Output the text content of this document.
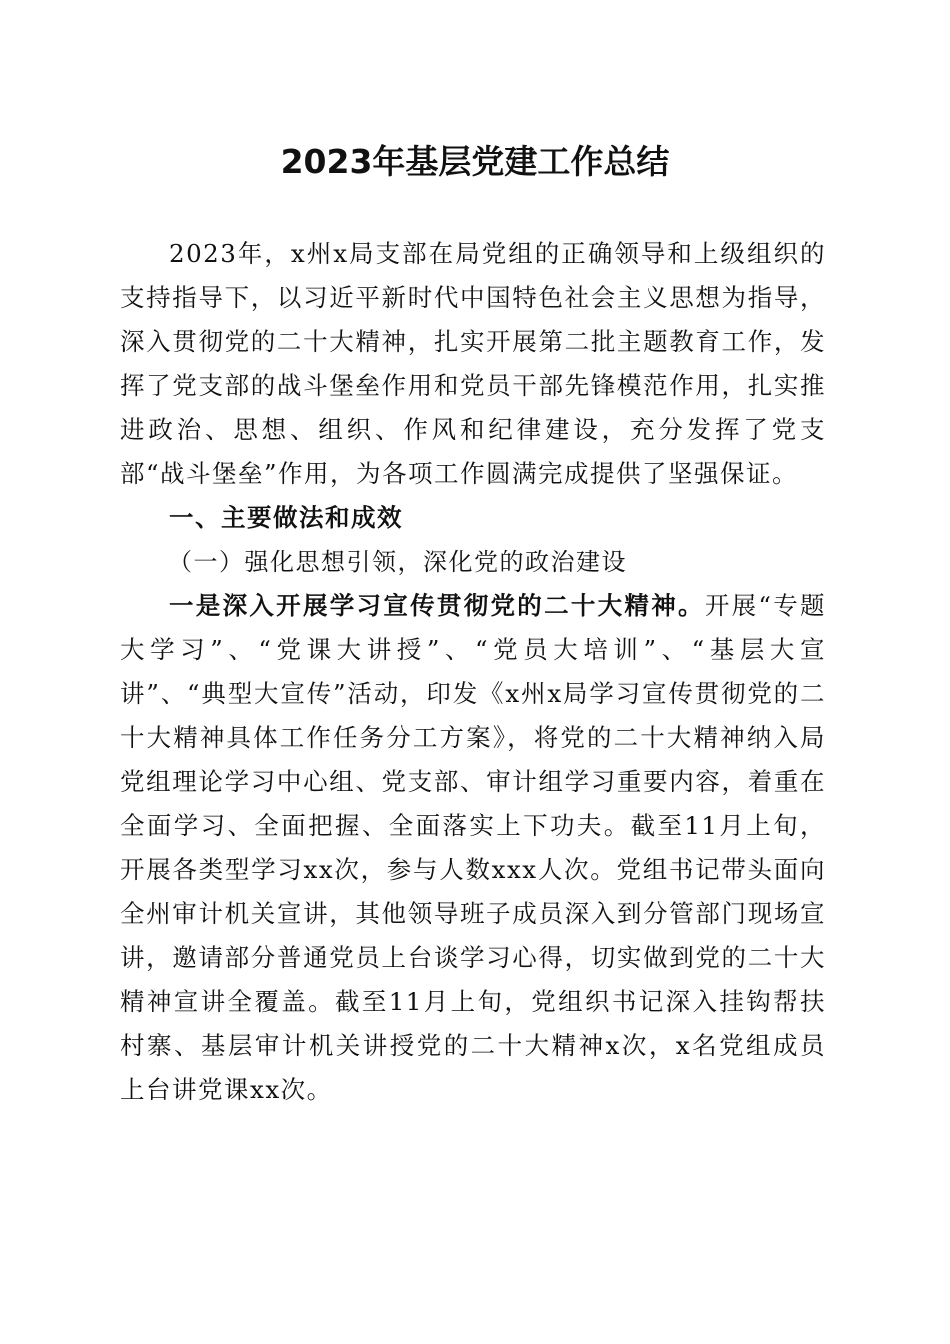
2023年基层党建工作总结

2023年，x州x局支部在局党组的正确领导和上级组织的支持指导下，以习近平新时代中国特色社会主义思想为指导，深入贯彻党的二十大精神，扎实开展第二批主题教育工作，发挥了党支部的战斗堡垒作用和党员干部先锋模范作用，扎实推进政治、思想、组织、作风和纪律建设，充分发挥了党支部“战斗堡垒”作用，为各项工作圆满完成提供了坚强保证。

一、主要做法和成效

（一）强化思想引领，深化党的政治建设

一是深入开展学习宣传贯彻党的二十大精神。开展“专题大学习”、“党课大讲授”、“党员大培训”、“基层大宣讲”、“典型大宣传”活动，印发《x州x局学习宣传贯彻党的二十大精神具体工作任务分工方案》，将党的二十大精神纳入局党组理论学习中心组、党支部、审计组学习重要内容，着重在全面学习、全面把握、全面落实上下功夫。截至11月上旬，开展各类型学习xx次，参与人数xxx人次。党组书记带头面向全州审计机关宣讲，其他领导班子成员深入到分管部门现场宣讲，邀请部分普通党员上台谈学习心得，切实做到党的二十大精神宣讲全覆盖。截至11月上旬，党组织书记深入挂钩帮扶村寨、基层审计机关讲授党的二十大精神x次，x名党组成员上台讲党课xx次。
